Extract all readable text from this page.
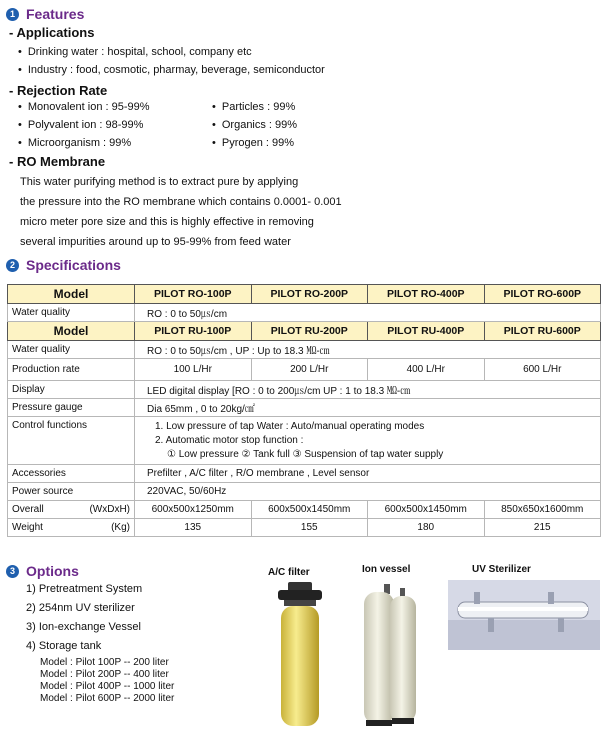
1 Features
- Applications
• Drinking water : hospital, school, company etc
• Industry : food, cosmotic, pharmay, beverage, semiconductor
- Rejection Rate
• Monovalent ion : 95-99%
• Polyvalent ion : 98-99%
• Microorganism : 99%
• Particles : 99%
• Organics : 99%
• Pyrogen : 99%
- RO Membrane
This water purifying method is to extract pure by applying
the pressure into the RO membrane which contains 0.0001- 0.001
micro meter pore size and this is highly effective in removing
several impurities around up to 95-99% from feed water
2 Specifications
Model	PILOT RO-100P	PILOT RO-200P	PILOT RO-400P	PILOT RO-600P
Water quality	RO : 0 to 50㎲/cm			
Model	PILOT RU-100P	PILOT RU-200P	PILOT RU-400P	PILOT RU-600P
Water quality	RO : 0 to 50㎲/cm , UP : Up to 18.3 ㏁-㎝			
Production rate	100 L/Hr	200 L/Hr	400 L/Hr	600 L/Hr
Display	LED digital display [RO : 0 to 200㎲/cm UP : 1 to 18.3 ㏁-㎝			
Pressure gauge	Dia 65mm , 0 to 20kg/㎠			
Control functions	1. Low pressure of tap Water : Auto/manual operating modes
2. Automatic motor stop function :
① Low pressure ② Tank full ③ Suspension of tap water supply			

Accessories	Prefilter , A/C filter , R/O membrane , Level sensor			
Power source	220VAC, 50/60Hz			

Overall (WxDxH)	600x500x1250mm	600x500x1450mm	600x500x1450mm	850x650x1600mm

Weight (Kg)	135	155	180	215
3 Options
1) Pretreatment System
2) 254nm UV sterilizer
3) Ion-exchange Vessel
4) Storage tank
Model : Pilot 100P -- 200 liter
Model : Pilot 200P -- 400 liter
Model : Pilot 400P -- 1000 liter
Model : Pilot 600P -- 2000 liter
A/C filter	Ion vessel	UV Sterilizer
